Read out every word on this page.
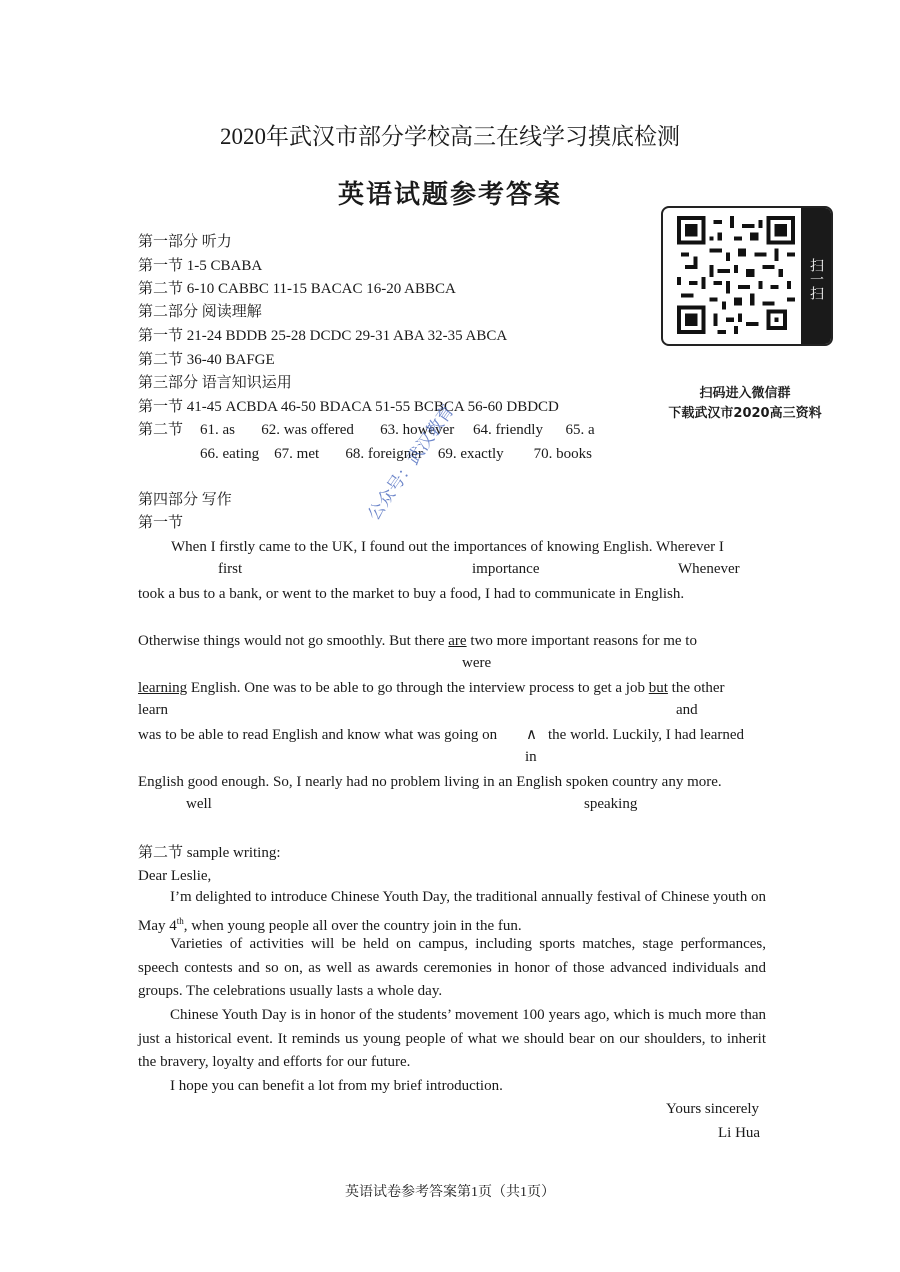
2020年武汉市部分学校高三在线学习摸底检测
英语试题参考答案
扫一扫
扫码进入微信群
下载武汉市2020高三资料
第一部分 听力
第一节 1-5 CBABA
第二节 6-10 CABBC 11-15 BACAC 16-20 ABBCA
第二部分 阅读理解
第一节 21-24 BDDB 25-28 DCDC 29-31 ABA 32-35 ABCA
第二节 36-40 BAFGE
第三部分 语言知识运用
第一节 41-45 ACBDA 46-50 BDACA 51-55 BCBCA 56-60 DBDCD
第二节 61. as       62. was offered       63. however     64. friendly      65. a
66. eating    67. met       68. foreigner    69. exactly        70. books
第四部分 写作
第一节
When I firstly came to the UK, I found out the importances of knowing English. Wherever I
first	importance	Whenever
took a bus to a bank, or went to the market to buy a food, I had to communicate in English.
Otherwise things would not go smoothly. But there are two more important reasons for me to
were
learning English. One was to be able to go through the interview process to get a job but the other
learn	and
was to be able to read English and know what was going on ∧ the world. Luckily, I had learned
in
English good enough. So, I nearly had no problem living in an English spoken country any more.
well	speaking
第二节 sample writing:
Dear Leslie,
I’m delighted to introduce Chinese Youth Day, the traditional annually festival of Chinese youth on May 4th, when young people all over the country join in the fun.
Varieties of activities will be held on campus, including sports matches, stage performances, speech contests and so on, as well as awards ceremonies in honor of those advanced individuals and groups. The celebrations usually lasts a whole day.
Chinese Youth Day is in honor of the students’ movement 100 years ago, which is much more than just a historical event. It reminds us young people of what we should bear on our shoulders, to inherit the bravery, loyalty and efforts for our future.
I hope you can benefit a lot from my brief introduction.
Yours sincerely
Li Hua
公众号：武汉教育
英语试卷参考答案第1页（共1页）
